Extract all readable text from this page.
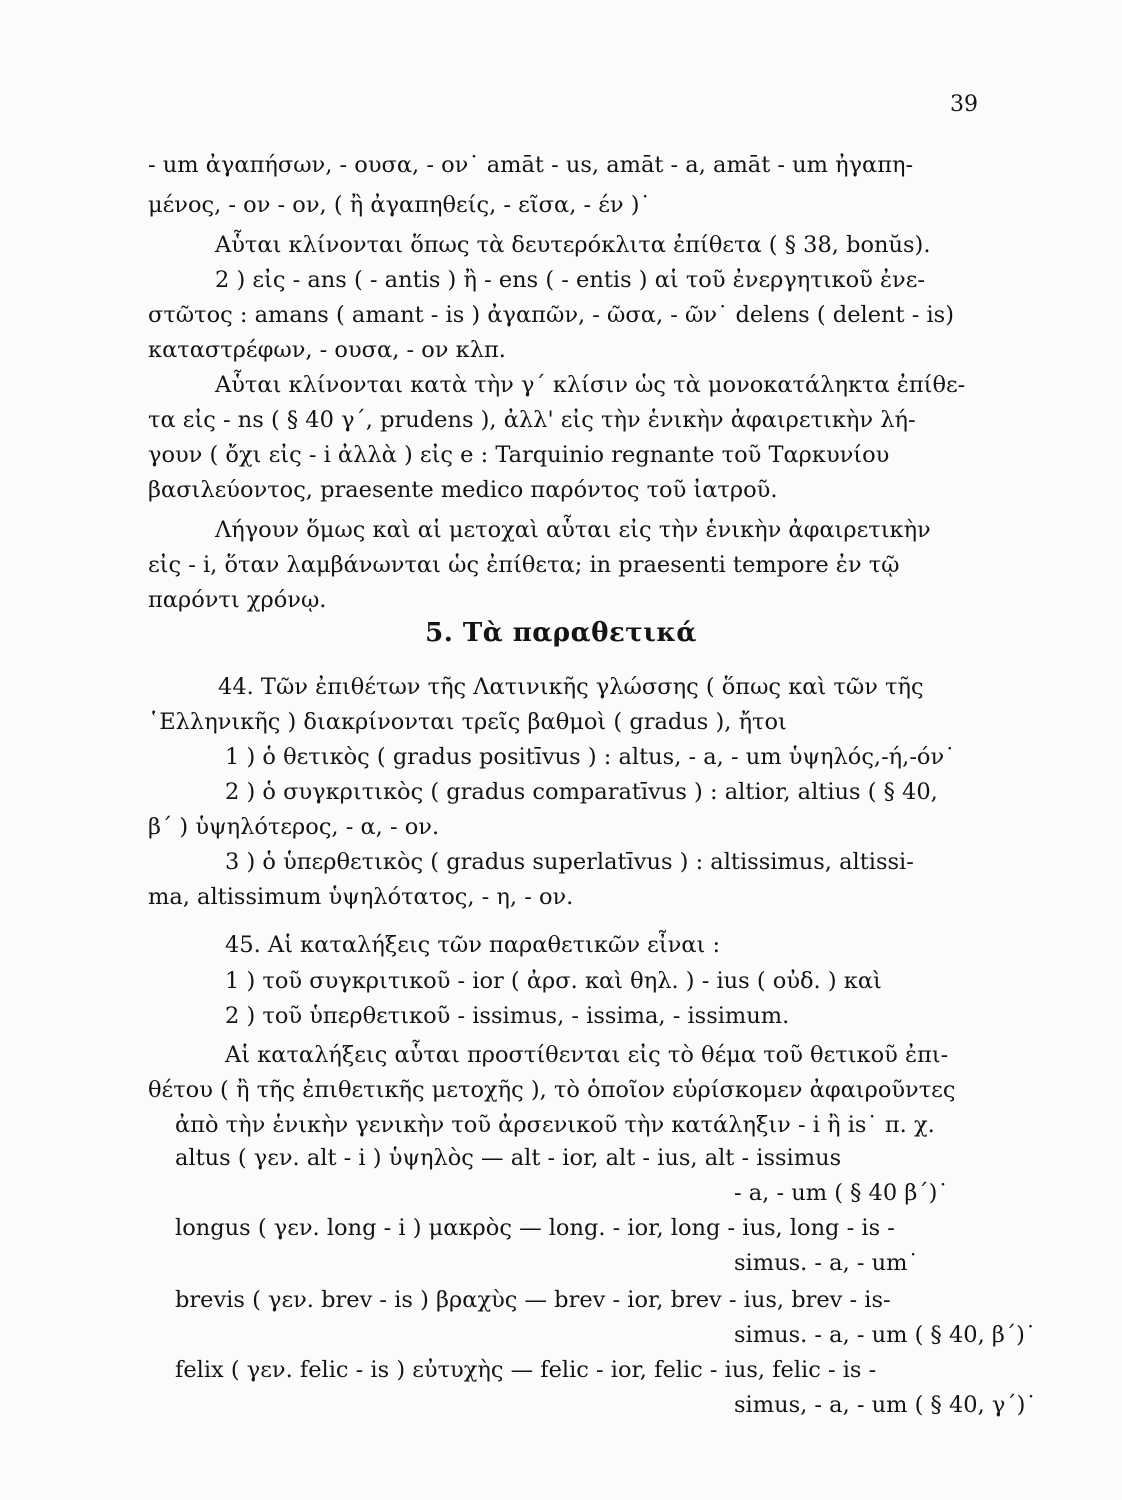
39
- um ἀγαπήσων, - ουσα, - ον˙ amāt - us, amāt - a, amāt - um ἠγαπη-
μένος, - ον - ον, ( ἢ ἀγαπηθείς, - εῖσα, - έν )˙
Αὗται κλίνονται ὅπως τὰ δευτερόκλιτα ἐπίθετα ( § 38, bonŭs).
2 ) εἰς - ans ( - antis ) ἢ - ens ( - entis ) αἱ τοῦ ἐνεργητικοῦ ἐνε-
στῶτος : amans ( amant - is ) ἀγαπῶν, - ῶσα, - ῶν˙ delens ( delent - is)
καταστρέφων, - ουσα, - ον κλπ.
Αὗται κλίνονται κατὰ τὴν γ΄ κλίσιν ὡς τὰ μονοκατάληκτα ἐπίθε-
τα εἰς - ns ( § 40 γ΄, prudens ), ἀλλ' εἰς τὴν ἑνικὴν ἀφαιρετικὴν λή-
γουν ( ὄχι εἰς - i ἀλλὰ ) εἰς e : Tarquinio regnante τοῦ Ταρκυνίου
βασιλεύοντος, praesente medico παρόντος τοῦ ἰατροῦ.
Λήγουν ὅμως καὶ αἱ μετοχαὶ αὗται εἰς τὴν ἑνικὴν ἀφαιρετικὴν
εἰς - i, ὅταν λαμβάνωνται ὡς ἐπίθετα; in praesenti tempore ἐν τῷ
παρόντι χρόνῳ.
5. Τὰ παραθετικά
44. Τῶν ἐπιθέτων τῆς Λατινικῆς γλώσσης ( ὅπως καὶ τῶν τῆς
῾Ελληνικῆς ) διακρίνονται τρεῖς βαθμοὶ ( gradus ), ἤτοι
1 ) ὁ θετικὸς ( gradus positīvus ) : altus, - a, - um ὑψηλός,-ή,-όν˙
2 ) ὁ συγκριτικὸς ( gradus comparatīvus ) : altior, altius ( § 40,
β΄ ) ὑψηλότερος, - α, - ον.
3 ) ὁ ὑπερθετικὸς ( gradus superlatīvus ) : altissimus, altissi-
ma, altissimum ὑψηλότατος, - η, - ον.
45. Αἱ καταλήξεις τῶν παραθετικῶν εἶναι :
1 ) τοῦ συγκριτικοῦ - ior ( ἀρσ. καὶ θηλ. ) - ius ( οὐδ. ) καὶ
2 ) τοῦ ὑπερθετικοῦ - issimus, - issima, - issimum.
Αἱ καταλήξεις αὗται προστίθενται εἰς τὸ θέμα τοῦ θετικοῦ ἐπι-
θέτου ( ἢ τῆς ἐπιθετικῆς μετοχῆς ), τὸ ὁποῖον εὑρίσκομεν ἀφαιροῦντες
ἀπὸ τὴν ἑνικὴν γενικὴν τοῦ ἀρσενικοῦ τὴν κατάληξιν - i ἢ is˙ π. χ.
altus ( γεν. alt - i ) ὑψηλὸς — alt - ior, alt - ius, alt - issimus
- a, - um ( § 40 β΄)˙
longus ( γεν. long - i ) μακρὸς — long. - ior, long - ius, long - is -
simus. - a, - um˙
brevis ( γεν. brev - is ) βραχὺς — brev - ior, brev - ius, brev - is-
simus. - a, - um ( § 40, β΄)˙
felix ( γεν. felic - is ) εὐτυχὴς — felic - ior, felic - ius, felic - is -
simus, - a, - um ( § 40, γ΄)˙
